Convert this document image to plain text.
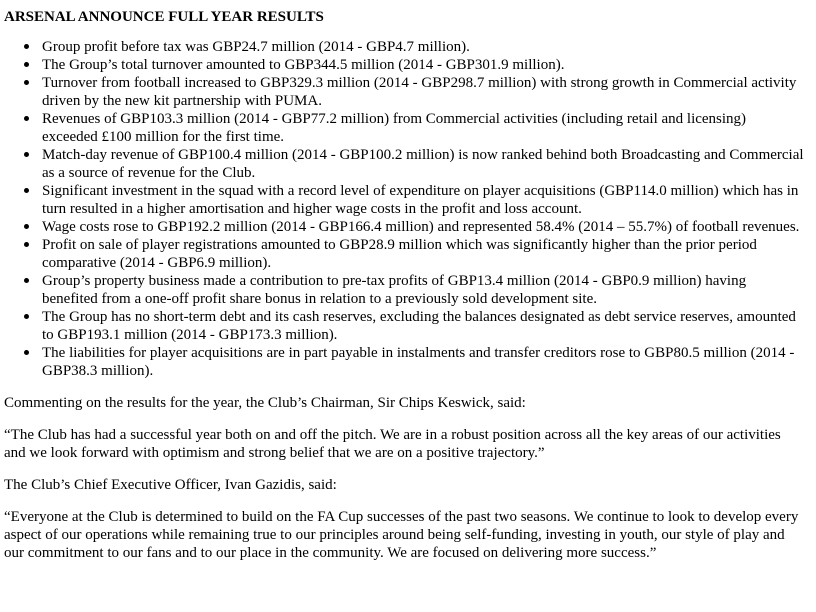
ARSENAL ANNOUNCE FULL YEAR RESULTS
Group profit before tax was GBP24.7 million (2014 - GBP4.7 million).
The Group’s total turnover amounted to GBP344.5 million (2014 - GBP301.9 million).
Turnover from football increased to GBP329.3 million (2014 - GBP298.7 million) with strong growth in Commercial activity driven by the new kit partnership with PUMA.
Revenues of GBP103.3 million (2014 - GBP77.2 million) from Commercial activities (including retail and licensing) exceeded £100 million for the first time.
Match-day revenue of GBP100.4 million (2014 - GBP100.2 million) is now ranked behind both Broadcasting and Commercial as a source of revenue for the Club.
Significant investment in the squad with a record level of expenditure on player acquisitions (GBP114.0 million) which has in turn resulted in a higher amortisation and higher wage costs in the profit and loss account.
Wage costs rose to GBP192.2 million (2014 - GBP166.4 million) and represented 58.4% (2014 – 55.7%) of football revenues.
Profit on sale of player registrations amounted to GBP28.9 million which was significantly higher than the prior period comparative (2014 - GBP6.9 million).
Group’s property business made a contribution to pre-tax profits of GBP13.4 million (2014 - GBP0.9 million) having benefited from a one-off profit share bonus in relation to a previously sold development site.
The Group has no short-term debt and its cash reserves, excluding the balances designated as debt service reserves, amounted to GBP193.1 million (2014 - GBP173.3 million).
The liabilities for player acquisitions are in part payable in instalments and transfer creditors rose to GBP80.5 million (2014 - GBP38.3 million).

Commenting on the results for the year, the Club’s Chairman, Sir Chips Keswick, said:

“The Club has had a successful year both on and off the pitch. We are in a robust position across all the key areas of our activities and we look forward with optimism and strong belief that we are on a positive trajectory.”

The Club’s Chief Executive Officer, Ivan Gazidis, said:

“Everyone at the Club is determined to build on the FA Cup successes of the past two seasons. We continue to look to develop every aspect of our operations while remaining true to our principles around being self-funding, investing in youth, our style of play and our commitment to our fans and to our place in the community. We are focused on delivering more success.”
